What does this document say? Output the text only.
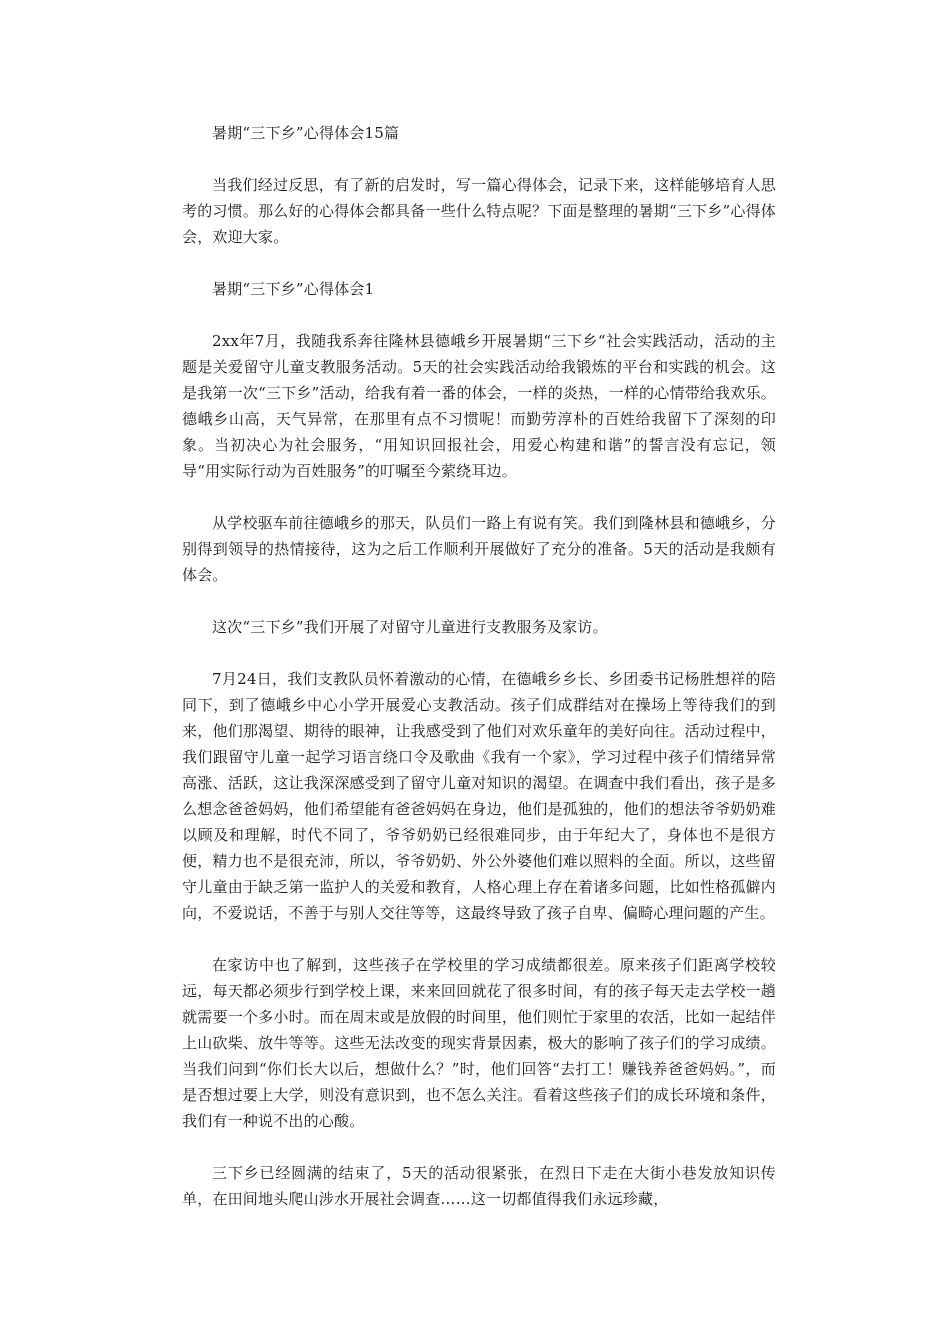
暑期“三下乡”心得体会15篇

当我们经过反思，有了新的启发时，写一篇心得体会，记录下来，这样能够培育人思考的习惯。那么好的心得体会都具备一些什么特点呢？下面是整理的暑期“三下乡”心得体会，欢迎大家。

暑期“三下乡”心得体会1

2xx年7月，我随我系奔往隆林县德峨乡开展暑期“三下乡“社会实践活动，活动的主题是关爱留守儿童支教服务活动。5天的社会实践活动给我锻炼的平台和实践的机会。这是我第一次“三下乡”活动，给我有着一番的体会，一样的炎热，一样的心情带给我欢乐。德峨乡山高，天气异常，在那里有点不习惯呢！而勤劳淳朴的百姓给我留下了深刻的印象。当初决心为社会服务，“用知识回报社会，用爱心构建和谐”的誓言没有忘记，领导“用实际行动为百姓服务”的叮嘱至今萦绕耳边。

从学校驱车前往德峨乡的那天，队员们一路上有说有笑。我们到隆林县和德峨乡，分别得到领导的热情接待，这为之后工作顺利开展做好了充分的准备。5天的活动是我颇有体会。

这次“三下乡”我们开展了对留守儿童进行支教服务及家访。

7月24日，我们支教队员怀着激动的心情，在德峨乡乡长、乡团委书记杨胜想祥的陪同下，到了德峨乡中心小学开展爱心支教活动。孩子们成群结对在操场上等待我们的到来，他们那渴望、期待的眼神，让我感受到了他们对欢乐童年的美好向往。活动过程中，我们跟留守儿童一起学习语言绕口令及歌曲《我有一个家》，学习过程中孩子们情绪异常高涨、活跃，这让我深深感受到了留守儿童对知识的渴望。在调查中我们看出，孩子是多么想念爸爸妈妈，他们希望能有爸爸妈妈在身边，他们是孤独的，他们的想法爷爷奶奶难以顾及和理解，时代不同了，爷爷奶奶已经很难同步，由于年纪大了，身体也不是很方便，精力也不是很充沛，所以，爷爷奶奶、外公外婆他们难以照料的全面。所以，这些留守儿童由于缺乏第一监护人的关爱和教育，人格心理上存在着诸多问题，比如性格孤僻内向，不爱说话，不善于与别人交往等等，这最终导致了孩子自卑、偏畸心理问题的产生。

在家访中也了解到，这些孩子在学校里的学习成绩都很差。原来孩子们距离学校较远，每天都必须步行到学校上课，来来回回就花了很多时间，有的孩子每天走去学校一趟就需要一个多小时。而在周末或是放假的时间里，他们则忙于家里的农活，比如一起结伴上山砍柴、放牛等等。这些无法改变的现实背景因素，极大的影响了孩子们的学习成绩。当我们问到“你们长大以后，想做什么？”时，他们回答“去打工！赚钱养爸爸妈妈。”，而是否想过要上大学，则没有意识到，也不怎么关注。看着这些孩子们的成长环境和条件，我们有一种说不出的心酸。

三下乡已经圆满的结束了，5天的活动很紧张，在烈日下走在大街小巷发放知识传单，在田间地头爬山涉水开展社会调查……这一切都值得我们永远珍藏，
